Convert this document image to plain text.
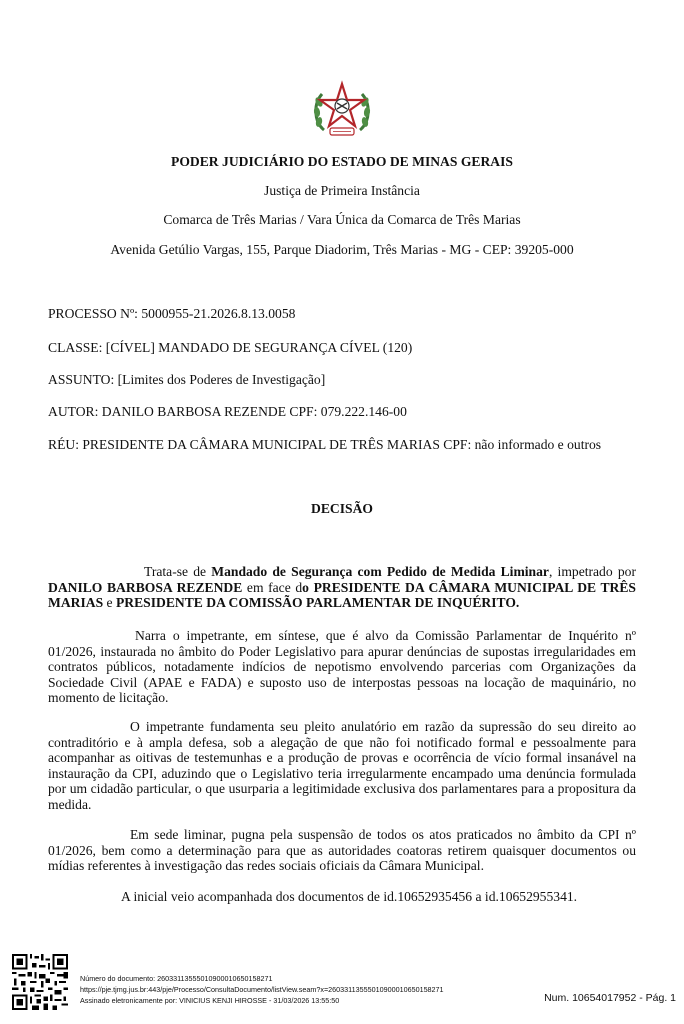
PODER JUDICIÁRIO DO ESTADO DE MINAS GERAIS
Justiça de Primeira Instância
Comarca de Três Marias / Vara Única da Comarca de Três Marias
Avenida Getúlio Vargas, 155, Parque Diadorim, Três Marias - MG - CEP: 39205-000
PROCESSO Nº: 5000955-21.2026.8.13.0058
CLASSE: [CÍVEL] MANDADO DE SEGURANÇA CÍVEL (120)
ASSUNTO: [Limites dos Poderes de Investigação]
AUTOR: DANILO BARBOSA REZENDE CPF: 079.222.146-00
RÉU: PRESIDENTE DA CÂMARA MUNICIPAL DE TRÊS MARIAS CPF: não informado e outros
DECISÃO
Trata-se de Mandado de Segurança com Pedido de Medida Liminar, impetrado por DANILO BARBOSA REZENDE em face do PRESIDENTE DA CÂMARA MUNICIPAL DE TRÊS MARIAS e PRESIDENTE DA COMISSÃO PARLAMENTAR DE INQUÉRITO.
Narra o impetrante, em síntese, que é alvo da Comissão Parlamentar de Inquérito nº 01/2026, instaurada no âmbito do Poder Legislativo para apurar denúncias de supostas irregularidades em contratos públicos, notadamente indícios de nepotismo envolvendo parcerias com Organizações da Sociedade Civil (APAE e FADA) e suposto uso de interpostas pessoas na locação de maquinário, no momento de licitação.
O impetrante fundamenta seu pleito anulatório em razão da supressão do seu direito ao contraditório e à ampla defesa, sob a alegação de que não foi notificado formal e pessoalmente para acompanhar as oitivas de testemunhas e a produção de provas e ocorrência de vício formal insanável na instauração da CPI, aduzindo que o Legislativo teria irregularmente encampado uma denúncia formulada por um cidadão particular, o que usurparia a legitimidade exclusiva dos parlamentares para a propositura da medida.
Em sede liminar, pugna pela suspensão de todos os atos praticados no âmbito da CPI nº 01/2026, bem como a determinação para que as autoridades coatoras retirem quaisquer documentos ou mídias referentes à investigação das redes sociais oficiais da Câmara Municipal.
A inicial veio acompanhada dos documentos de id.10652935456 a id.10652955341.
Número do documento: 26033113555010900010650158271
https://pje.tjmg.jus.br:443/pje/Processo/ConsultaDocumento/listView.seam?x=26033113555010900010650158271
Assinado eletronicamente por: VINICIUS KENJI HIROSSE - 31/03/2026 13:55:50	Num. 10654017952 - Pág. 1
